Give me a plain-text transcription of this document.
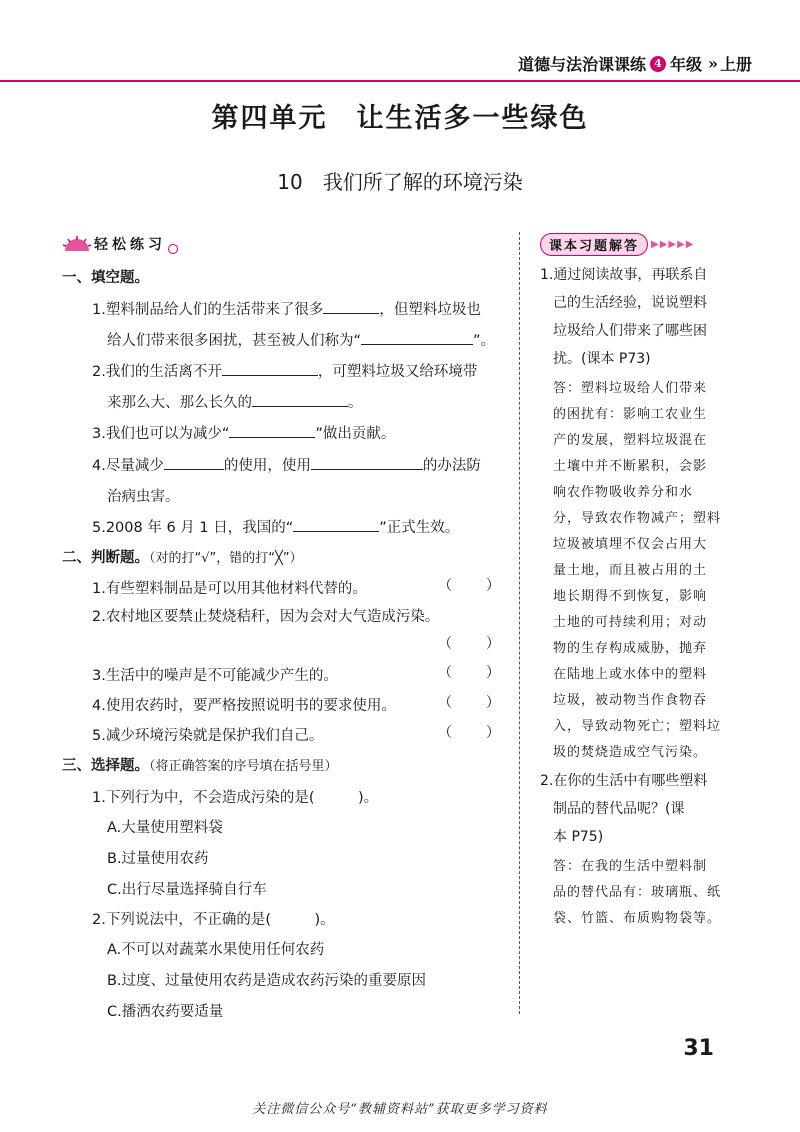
道德与法治课课练 4 年级 » 上册
第四单元　让生活多一些绿色
10　我们所了解的环境污染
轻松练习
一、填空题。
1.塑料制品给人们的生活带来了很多	，但塑料垃圾也
给人们带来很多困扰，甚至被人们称为“	”。
2.我们的生活离不开	，可塑料垃圾又给环境带
来那么大、那么长久的	。
3.我们也可以为减少“	”做出贡献。
4.尽量减少	的使用，使用	的办法防
治病虫害。
5.2008 年 6 月 1 日，我国的“	”正式生效。
二、判断题。（对的打“√”，错的打“╳”）
1.有些塑料制品是可以用其他材料代替的。	（ ）
2.农村地区要禁止焚烧秸秆，因为会对大气造成污染。
（ ）
3.生活中的噪声是不可能减少产生的。	（ ）
4.使用农药时，要严格按照说明书的要求使用。	（ ）
5.减少环境污染就是保护我们自己。	（ ）
三、选择题。（将正确答案的序号填在括号里）
1.下列行为中，不会造成污染的是(　　　)。
A.大量使用塑料袋
B.过量使用农药
C.出行尽量选择骑自行车
2.下列说法中，不正确的是(　　　)。
A.不可以对蔬菜水果使用任何农药
B.过度、过量使用农药是造成农药污染的重要原因
C.播洒农药要适量
课本习题解答	▶▶▶▶▶
1.通过阅读故事，再联系自
己的生活经验，说说塑料
垃圾给人们带来了哪些困
扰。(课本 P73)
答：塑料垃圾给人们带来
的困扰有：影响工农业生
产的发展，塑料垃圾混在
土壤中并不断累积，会影
响农作物吸收养分和水
分，导致农作物减产；塑料
垃圾被填埋不仅会占用大
量土地，而且被占用的土
地长期得不到恢复，影响
土地的可持续利用；对动
物的生存构成威胁，抛弃
在陆地上或水体中的塑料
垃圾，被动物当作食物吞
入，导致动物死亡；塑料垃
圾的焚烧造成空气污染。
2.在你的生活中有哪些塑料
制品的替代品呢？(课
本 P75)
答：在我的生活中塑料制
品的替代品有：玻璃瓶、纸
袋、竹篮、布质购物袋等。
31
关注微信公众号“教辅资料站”获取更多学习资料
